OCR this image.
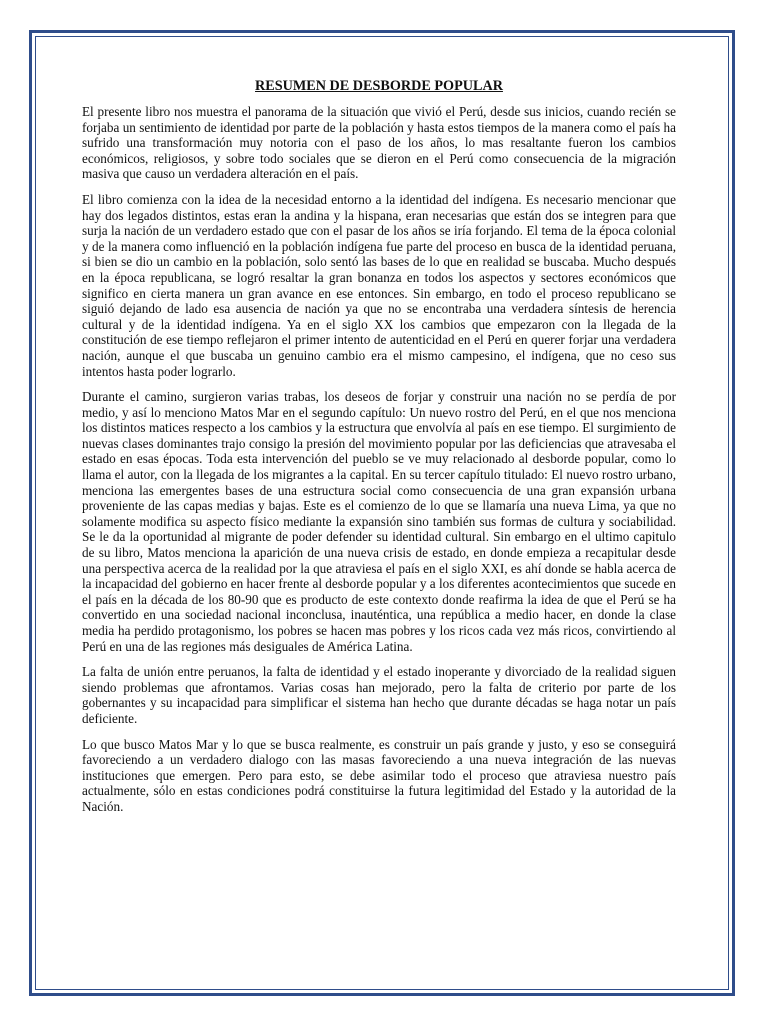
RESUMEN DE DESBORDE POPULAR

El presente libro nos muestra el panorama de la situación que vivió el Perú, desde sus inicios, cuando recién se forjaba un sentimiento de identidad por parte de la población y hasta estos tiempos de la manera como el país ha sufrido una transformación muy notoria con el paso de los años, lo mas resaltante fueron los cambios económicos, religiosos, y sobre todo sociales que se dieron en el Perú como consecuencia de la migración masiva que causo un verdadera alteración en el país.

El libro comienza con la idea de la necesidad entorno a la identidad del indígena. Es necesario mencionar que hay dos legados distintos, estas eran la andina y la hispana, eran necesarias que están dos se integren para que surja la nación de un verdadero estado que con el pasar de los años se iría forjando. El tema de la época colonial y de la manera como influenció en la población indígena fue parte del proceso en busca de la identidad peruana, si bien se dio un cambio en la población, solo sentó las bases de lo que en realidad se buscaba. Mucho después en la época republicana, se logró resaltar la gran bonanza en todos los aspectos y sectores económicos que significo en cierta manera un gran avance en ese entonces. Sin embargo, en todo el proceso republicano se siguió dejando de lado esa ausencia de nación ya que no se encontraba una verdadera síntesis de herencia cultural y de la identidad indígena. Ya en el siglo XX los cambios que empezaron con la llegada de la constitución de ese tiempo reflejaron el primer intento de autenticidad en el Perú en querer forjar una verdadera nación, aunque el que buscaba un genuino cambio era el mismo campesino, el indígena, que no ceso sus intentos hasta poder lograrlo.

Durante el camino, surgieron varias trabas, los deseos de forjar y construir una nación no se perdía de por medio, y así lo menciono Matos Mar en el segundo capítulo: Un nuevo rostro del Perú, en el que nos menciona los distintos matices respecto a los cambios y la estructura que envolvía al país en ese tiempo. El surgimiento de nuevas clases dominantes trajo consigo la presión del movimiento popular por las deficiencias que atravesaba el estado en esas épocas. Toda esta intervención del pueblo se ve muy relacionado al desborde popular, como lo llama el autor, con la llegada de los migrantes a la capital. En su tercer capítulo titulado: El nuevo rostro urbano, menciona las emergentes bases de una estructura social como consecuencia de una gran expansión urbana proveniente de las capas medias y bajas. Este es el comienzo de lo que se llamaría una nueva Lima, ya que no solamente modifica su aspecto físico mediante la expansión sino también sus formas de cultura y sociabilidad. Se le da la oportunidad al migrante de poder defender su identidad cultural. Sin embargo en el ultimo capitulo de su libro, Matos menciona la aparición de una nueva crisis de estado, en donde empieza a recapitular desde una perspectiva acerca de la realidad por la que atraviesa el país en el siglo XXI, es ahí donde se habla acerca de la incapacidad del gobierno en hacer frente al desborde popular y a los diferentes acontecimientos que sucede en el país en la década de los 80-90 que es producto de este contexto donde reafirma la idea de que el Perú se ha convertido en una sociedad nacional inconclusa, inauténtica, una república a medio hacer, en donde la clase media ha perdido protagonismo, los pobres se hacen mas pobres y los ricos cada vez más ricos, convirtiendo al Perú en una de las regiones más desiguales de América Latina.

La falta de unión entre peruanos, la falta de identidad y el estado inoperante y divorciado de la realidad siguen siendo problemas que afrontamos. Varias cosas han mejorado, pero la falta de criterio por parte de los gobernantes y su incapacidad para simplificar el sistema han hecho que durante décadas se haga notar un país deficiente.

Lo que busco Matos Mar y lo que se busca realmente, es construir un país grande y justo, y eso se conseguirá favoreciendo a un verdadero dialogo con las masas favoreciendo a una nueva integración de las nuevas instituciones que emergen. Pero para esto, se debe asimilar todo el proceso que atraviesa nuestro país actualmente, sólo en estas condiciones podrá constituirse la futura legitimidad del Estado y la autoridad de la Nación.
